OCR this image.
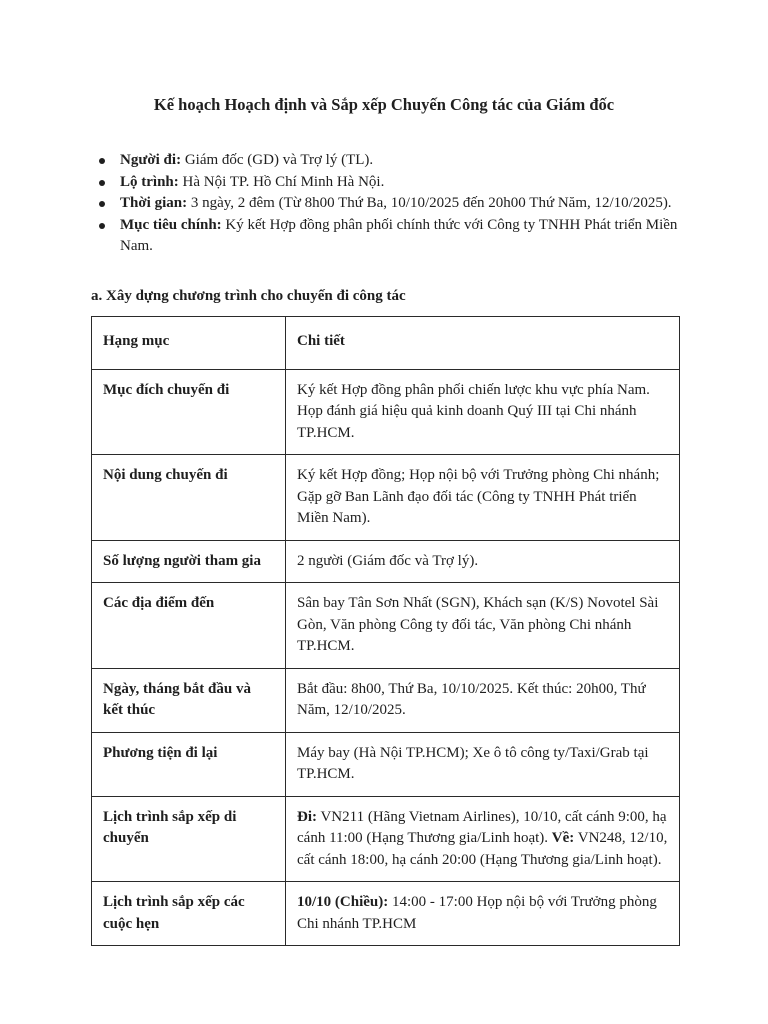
Kế hoạch Hoạch định và Sắp xếp Chuyến Công tác của Giám đốc
Người đi: Giám đốc (GD) và Trợ lý (TL).
Lộ trình: Hà Nội TP. Hồ Chí Minh Hà Nội.
Thời gian: 3 ngày, 2 đêm (Từ 8h00 Thứ Ba, 10/10/2025 đến 20h00 Thứ Năm, 12/10/2025).
Mục tiêu chính: Ký kết Hợp đồng phân phối chính thức với Công ty TNHH Phát triển Miền Nam.
a. Xây dựng chương trình cho chuyến đi công tác
Hạng mục	Chi tiết
Mục đích chuyến đi	Ký kết Hợp đồng phân phối chiến lược khu vực phía Nam. Họp đánh giá hiệu quả kinh doanh Quý III tại Chi nhánh TP.HCM.
Nội dung chuyến đi	Ký kết Hợp đồng; Họp nội bộ với Trưởng phòng Chi nhánh; Gặp gỡ Ban Lãnh đạo đối tác (Công ty TNHH Phát triển Miền Nam).
Số lượng người tham gia	2 người (Giám đốc và Trợ lý).
Các địa điểm đến	Sân bay Tân Sơn Nhất (SGN), Khách sạn (K/S) Novotel Sài Gòn, Văn phòng Công ty đối tác, Văn phòng Chi nhánh TP.HCM.
Ngày, tháng bắt đầu và kết thúc	Bắt đầu: 8h00, Thứ Ba, 10/10/2025. Kết thúc: 20h00, Thứ Năm, 12/10/2025.
Phương tiện đi lại	Máy bay (Hà Nội TP.HCM); Xe ô tô công ty/Taxi/Grab tại TP.HCM.
Lịch trình sắp xếp di chuyển	Đi: VN211 (Hãng Vietnam Airlines), 10/10, cất cánh 9:00, hạ cánh 11:00 (Hạng Thương gia/Linh hoạt). Về: VN248, 12/10, cất cánh 18:00, hạ cánh 20:00 (Hạng Thương gia/Linh hoạt).
Lịch trình sắp xếp các cuộc hẹn	10/10 (Chiều): 14:00 - 17:00 Họp nội bộ với Trưởng phòng Chi nhánh TP.HCM
